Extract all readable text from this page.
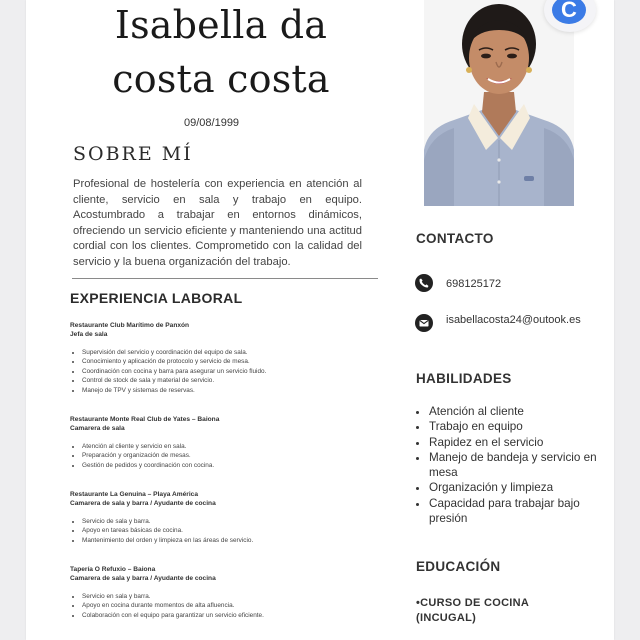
Isabella da
costa costa
09/08/1999
SOBRE MÍ
Profesional de hostelería con experiencia en atención al cliente, servicio en sala y trabajo en equipo. Acostumbrado a trabajar en entornos dinámicos, ofreciendo un servicio eficiente y manteniendo una actitud cordial con los clientes. Comprometido con la calidad del servicio y la buena organización del trabajo.
EXPERIENCIA LABORAL
Restaurante Club Marítimo de Panxón
Jefa de sala
• Supervisión del servicio y coordinación del equipo de sala.
• Conocimiento y aplicación de protocolo y servicio de mesa.
• Coordinación con cocina y barra para asegurar un servicio fluido.
• Control de stock de sala y material de servicio.
• Manejo de TPV y sistemas de reservas.
Restaurante Monte Real Club de Yates – Baiona
Camarera de sala
• Atención al cliente y servicio en sala.
• Preparación y organización de mesas.
• Gestión de pedidos y coordinación con cocina.
Restaurante La Genuina – Playa América
Camarera de sala y barra / Ayudante de cocina
• Servicio de sala y barra.
• Apoyo en tareas básicas de cocina.
• Mantenimiento del orden y limpieza en las áreas de servicio.
Tapería O Refuxio – Baiona
Camarera de sala y barra / Ayudante de cocina
• Servicio en sala y barra.
• Apoyo en cocina durante momentos de alta afluencia.
• Colaboración con el equipo para garantizar un servicio eficiente.
C
CONTACTO
698125172
isabellacosta24@outook.es
HABILIDADES
• Atención al cliente
• Trabajo en equipo
• Rapidez en el servicio
• Manejo de bandeja y servicio en mesa
• Organización y limpieza
• Capacidad para trabajar bajo presión
EDUCACIÓN
•CURSO DE COCINA (INCUGAL)
